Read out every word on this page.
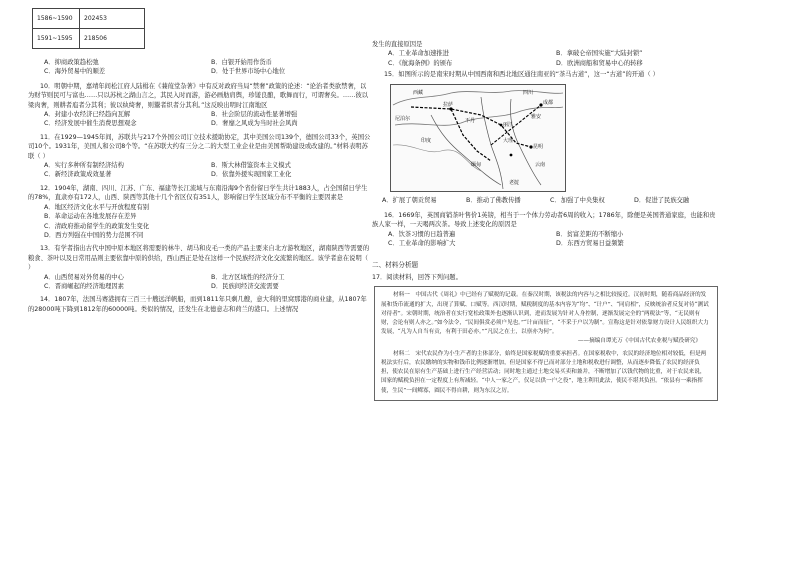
1586~1590	202453
1591~1595	218506
A．抑商政策趋松弛	B．白银开始用作货币
C．海外贸易中的顺差	D．处于世界市场中心地位

10．明朝中期，嘉靖年间松江府人陆楫在《蒹葭堂杂著》中有反对政府当局“禁奢”政策的论述：“论治者类欲禁奢，以为财节则民可与富也……只以苏杭之湖山言之，其民入时而游，游必画舫肩舆，珍馐良酿，歌舞而行，可谓奢矣。……彼以梁肉奢，则耕者庖者分其利；彼以纨绮奢，则鬻者织者分其利。”这反映出明时江南地区

A．封建小农经济已经趋向瓦解	B．社会阶层的流动性显著增强
C．经济发展中催生消费思想观念	D．奢靡之风成为当时社会风尚

11．在1929—1945年间，苏联共与217个外国公司订立技术援助协定，其中美国公司139个，德国公司33个，英国公司10个。1931年，美国人和公司8个等。“在苏联大约有三分之二的大型工业企业是由美国帮助建设或改建的。”材料表明苏联（ ）

A．实行多种所有制经济结构	B．斯大林借鉴资本主义模式
C．新经济政策成效显著	D．依靠外援实现国家工业化

12．1904年，湖南、四川、江苏、广东、福建等长江流域与东南沿海9个省份留日学生共计1883人，占全国留日学生的78%，直隶亦有172人，山西、陕西等其他十几个省区仅有351人，影响留日学生区域分布不平衡的主要因素是

A．地区经济文化水平与开放程度有别
B．革命运动在各地发展存在差异
C．清政府推动留学生的政策发生变化
D．西方列强在中国的势力范围不同

13．有学者指出古代中国中原本地区将需要的林牛、胡马和皮毛一类的产品主要来自北方游牧地区，湖南陕西等需要的粮食、茶叶以及日常用品则主要依靠中原的供给，西山西正是处在这样一个民族经济文化交流繁的地区。该学者意在说明（ ）

A．山西贸易对外贸易的中心	B．北方区域性的经济分工
C．晋商崛起的经济地理因素	D．民族间经济交流需要

14．1807年，法国马赛港拥有三百三十艘远洋帆船，而到1811年只剩几艘，意大利的里窝那港的商业建，从1807年的28000吨下降到1812年的60000吨。类似的情况，还发生在北德意志和荷兰的港口。上述情况

发生的直接原因是

A．工业革命加速推进	B．拿破仑帝国实施“大陆封锁”
C．《航海条例》的颁布	D．欧洲商船和贸易中心的转移

15．如图所示的是南宋时期从中国西南和西北地区通往南亚的“茶马古道”，这一“古道”的开通（ ）

西藏
拉萨
四川
成都
雅安
印度
尼泊尔	不丹
缅甸	云南
昆明
大理
丽江
老挝
A．扩展了朝贡贸易	B．推动了佛教传播	C．加强了中央集权	D．促进了民族交融

16．1669年，英国商销茶叶售价1英镑，相当于一个体力劳动者6周的收入；1786年，除便是英国普通家庭，也能和贵族人家一样，一天喝两次茶。导致上述变化的原因是

A．饮茶习惯的日趋普遍	B．贫富差距的不断缩小
C．工业革命的影响扩大	D．东西方贸易日益频繁
二、材料分析题

17．阅读材料，回答下列问题。

材料一　中国古代《周礼》中已经有了赋税的记载。在秦汉时期，该税法的内容与之相比较接近。汉初时期，随着商品经济的发展和货币流通的扩大，出现了算赋、口赋等。西汉时期，赋税制度的基本内容为“均”、“计户”、“同肩相”，反映统治者反复对待“测试对待者”。宋朝时期，统治者在实行宽松政策外也逐渐认识到，进而发展为针对人身控制，逐渐发展完全的“两税法”等，“无民则有财，会论有则人亦之。”如今法令，“民间俱赏必须户见也。”“计亩而征”，“不采于户以为制”。宣称这是针对依靠财力设计人民组织大力发展，“凡为人自当有贡，有利于田必亦。”“凡民之在士，以禀亦为何”。

——摘编自谭光万《中国古代农业税与赋役研究》

材料二　宋代农民作为小生产者的主体部分，始终是国家税赋的重要承担者。在国家税收中，农民的经济地位相对较低，但是两税法实行后，农民缴纳的实物和钱币比例逐渐增加，但是国家不得已而对部分土地和税收进行调整，从而逐步降低了农民的经济负担，使农民在原有生产基础上进行生产经营活动；同时地主通过土地交易买卖和兼并，不断增加了以钱代物的比重，对于农民来说，国家的赋税负担在一定程度上有所减轻。“中人一家之产，仅足以供一户之役”，地主利用此法，使民不堪其负担。“依县有一乘指挥使，生民”一间鳏寡，圆民不得自耕，则为东汉之厉。
